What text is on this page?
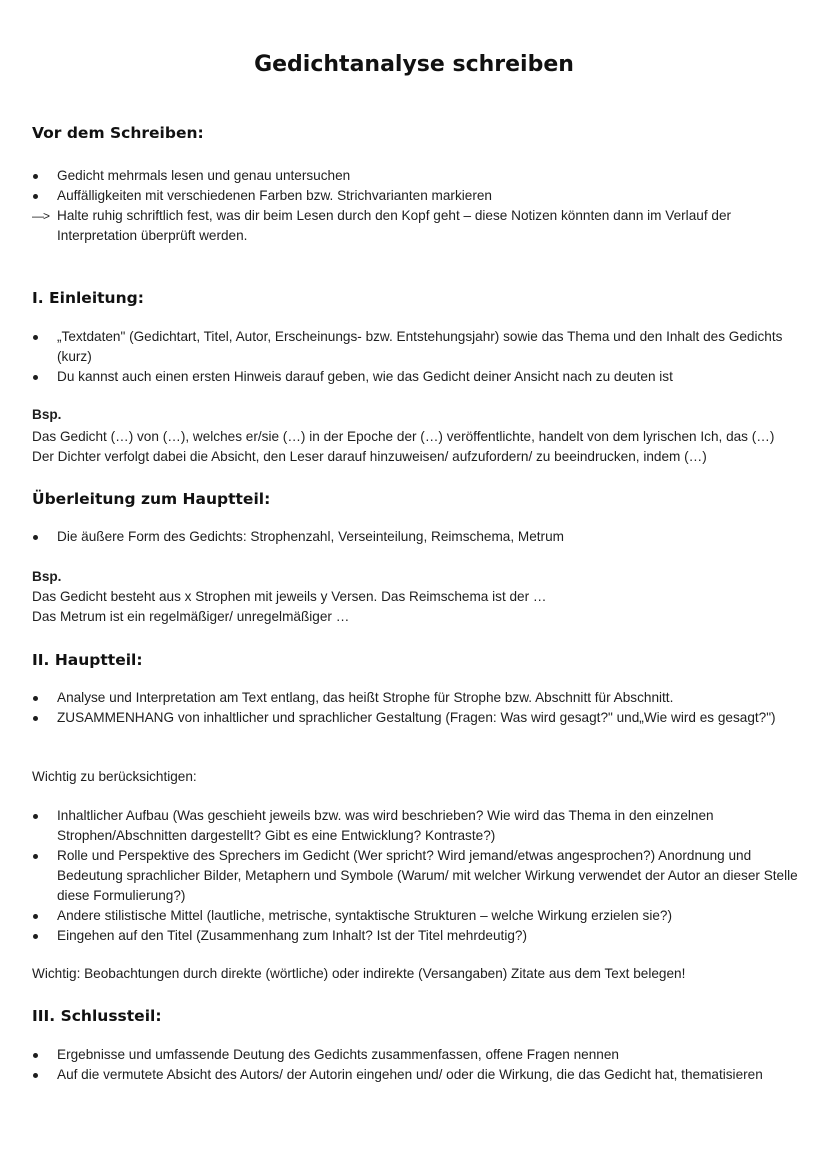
Gedichtanalyse schreiben
Vor dem Schreiben:
Gedicht mehrmals lesen und genau untersuchen
Auffälligkeiten mit verschiedenen Farben bzw. Strichvarianten markieren
—> Halte ruhig schriftlich fest, was dir beim Lesen durch den Kopf geht – diese Notizen könnten dann im Verlauf der Interpretation überprüft werden.
I. Einleitung:
„Textdaten" (Gedichtart, Titel, Autor, Erscheinungs- bzw. Entstehungsjahr) sowie das Thema und den Inhalt des Gedichts (kurz)
Du kannst auch einen ersten Hinweis darauf geben, wie das Gedicht deiner Ansicht nach zu deuten ist
Bsp.
Das Gedicht (…) von (…), welches er/sie (…) in der Epoche der (…) veröffentlichte, handelt von dem lyrischen Ich, das (…)
Der Dichter verfolgt dabei die Absicht, den Leser darauf hinzuweisen/ aufzufordern/ zu beeindrucken, indem (…)
Überleitung zum Hauptteil:
Die äußere Form des Gedichts: Strophenzahl, Verseinteilung, Reimschema, Metrum
Bsp.
Das Gedicht besteht aus x Strophen mit jeweils y Versen. Das Reimschema ist der …
Das Metrum ist ein regelmäßiger/ unregelmäßiger …
II. Hauptteil:
Analyse und Interpretation am Text entlang, das heißt Strophe für Strophe bzw. Abschnitt für Abschnitt.
ZUSAMMENHANG von inhaltlicher und sprachlicher Gestaltung (Fragen: Was wird gesagt?" und„Wie wird es gesagt?")
Wichtig zu berücksichtigen:
Inhaltlicher Aufbau (Was geschieht jeweils bzw. was wird beschrieben? Wie wird das Thema in den einzelnen Strophen/Abschnitten dargestellt? Gibt es eine Entwicklung? Kontraste?)
Rolle und Perspektive des Sprechers im Gedicht (Wer spricht? Wird jemand/etwas angesprochen?) Anordnung und Bedeutung sprachlicher Bilder, Metaphern und Symbole (Warum/ mit welcher Wirkung verwendet der Autor an dieser Stelle diese Formulierung?)
Andere stilistische Mittel (lautliche, metrische, syntaktische Strukturen – welche Wirkung erzielen sie?)
Eingehen auf den Titel (Zusammenhang zum Inhalt? Ist der Titel mehrdeutig?)
Wichtig: Beobachtungen durch direkte (wörtliche) oder indirekte (Versangaben) Zitate aus dem Text belegen!
III. Schlussteil:
Ergebnisse und umfassende Deutung des Gedichts zusammenfassen, offene Fragen nennen
Auf die vermutete Absicht des Autors/ der Autorin eingehen und/ oder die Wirkung, die das Gedicht hat, thematisieren
